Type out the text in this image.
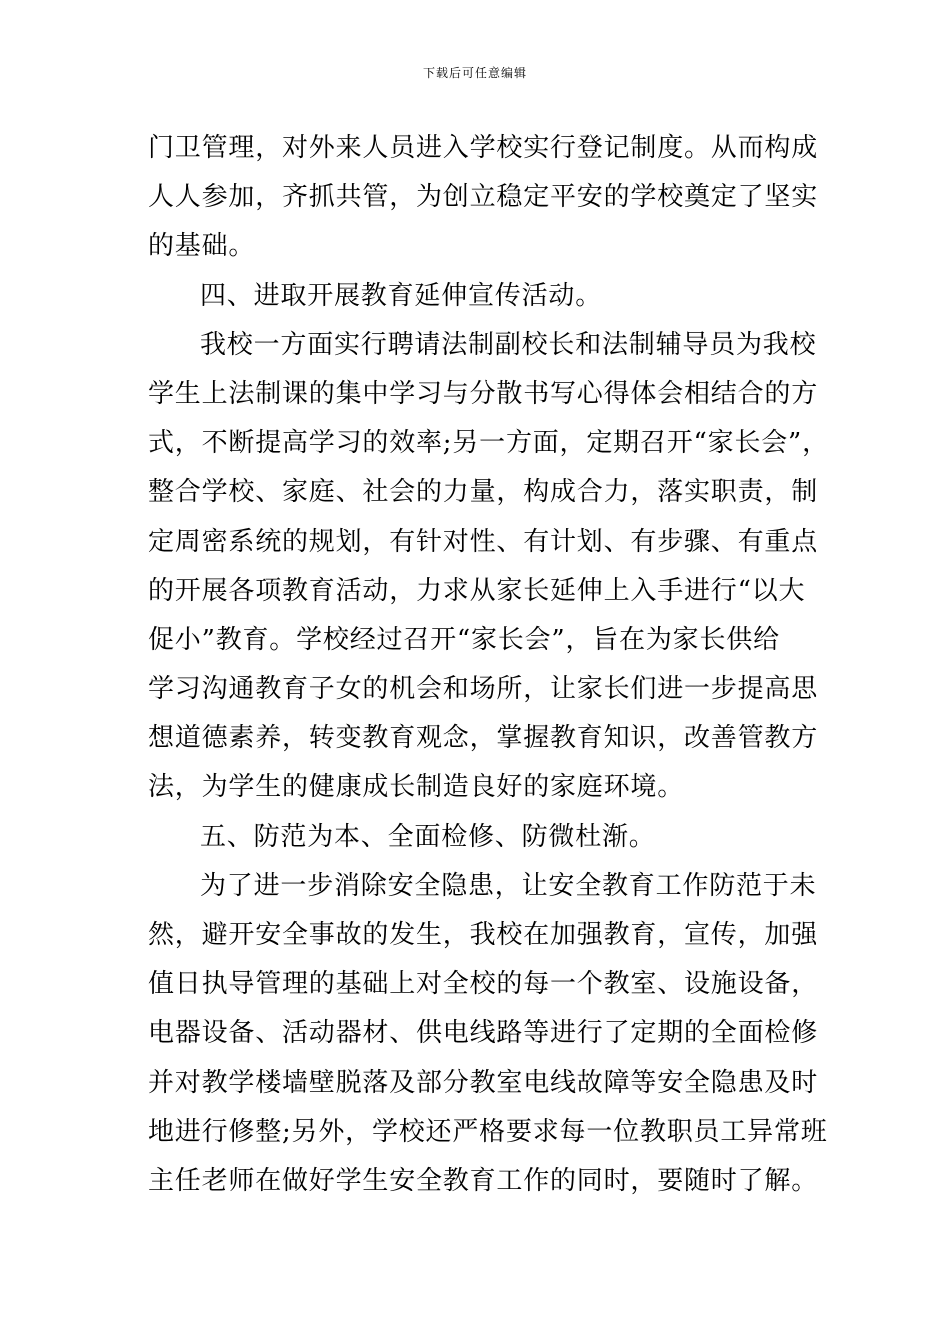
下载后可任意编辑
门卫管理，对外来人员进入学校实行登记制度。从而构成
人人参加，齐抓共管，为创立稳定平安的学校奠定了坚实
的基础。
四、进取开展教育延伸宣传活动。
我校一方面实行聘请法制副校长和法制辅导员为我校
学生上法制课的集中学习与分散书写心得体会相结合的方
式，不断提高学习的效率;另一方面，定期召开“家长会”，
整合学校、家庭、社会的力量，构成合力，落实职责，制
定周密系统的规划，有针对性、有计划、有步骤、有重点
的开展各项教育活动，力求从家长延伸上入手进行“以大
促小”教育。学校经过召开“家长会”，旨在为家长供给
学习沟通教育子女的机会和场所，让家长们进一步提高思
想道德素养，转变教育观念，掌握教育知识，改善管教方
法，为学生的健康成长制造良好的家庭环境。
五、防范为本、全面检修、防微杜渐。
为了进一步消除安全隐患，让安全教育工作防范于未
然，避开安全事故的发生，我校在加强教育，宣传，加强
值日执导管理的基础上对全校的每一个教室、设施设备，
电器设备、活动器材、供电线路等进行了定期的全面检修
并对教学楼墙壁脱落及部分教室电线故障等安全隐患及时
地进行修整;另外，学校还严格要求每一位教职员工异常班
主任老师在做好学生安全教育工作的同时，要随时了解。
